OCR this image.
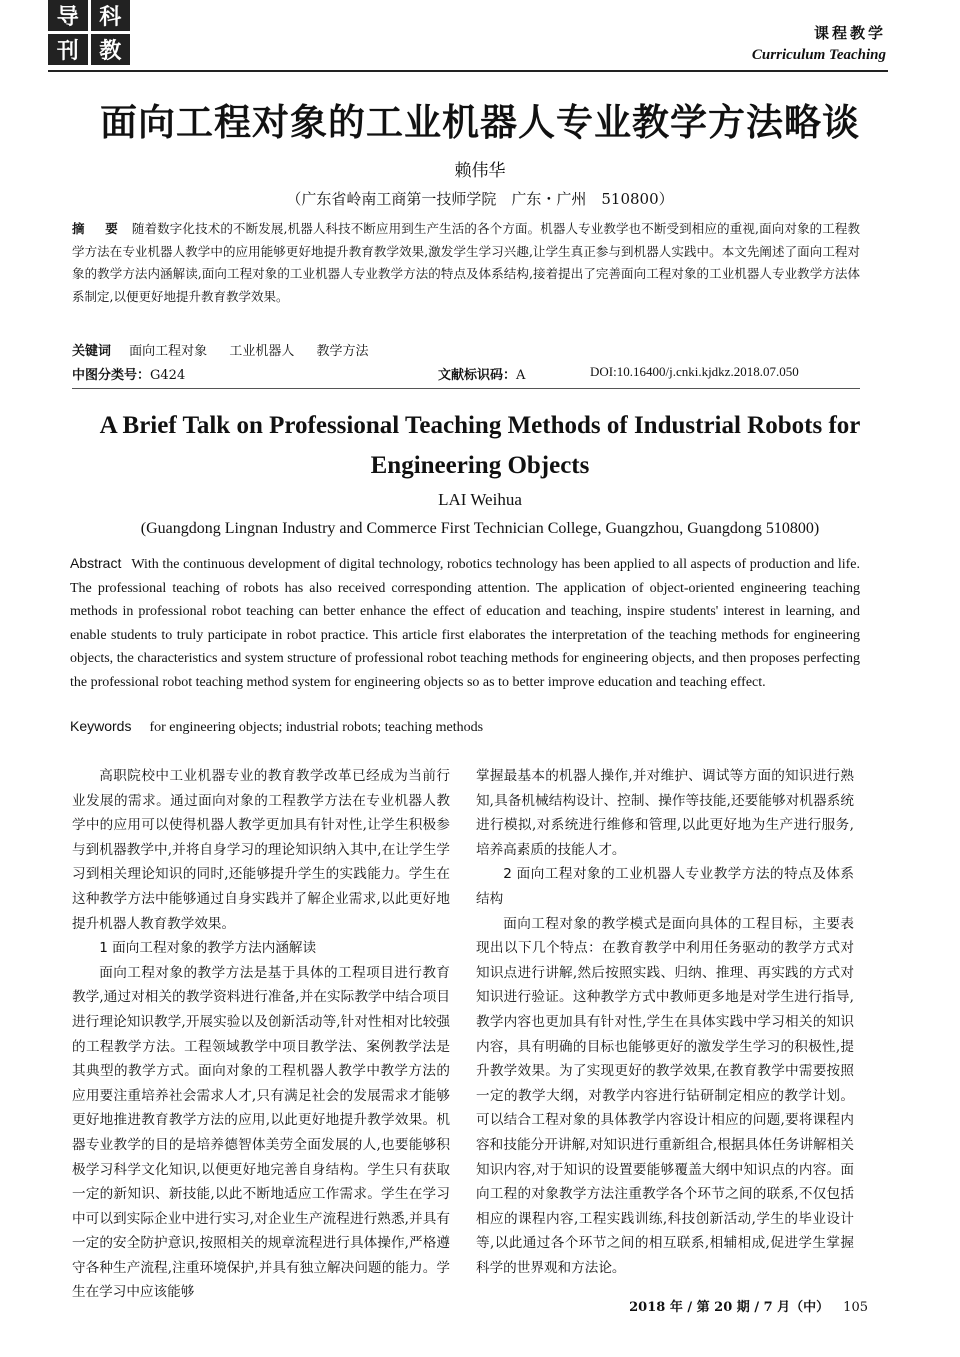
导 科
刊 教
课程教学
Curriculum Teaching
面向工程对象的工业机器人专业教学方法略谈
赖伟华
（广东省岭南工商第一技师学院　广东・广州　510800）
摘　要 随着数字化技术的不断发展,机器人科技不断应用到生产生活的各个方面。机器人专业教学也不断受到相应的重视,面向对象的工程教学方法在专业机器人教学中的应用能够更好地提升教育教学效果,激发学生学习兴趣,让学生真正参与到机器人实践中。本文先阐述了面向工程对象的教学方法内涵解读,面向工程对象的工业机器人专业教学方法的特点及体系结构,接着提出了完善面向工程对象的工业机器人专业教学方法体系制定,以便更好地提升教育教学效果。
关键词 面向工程对象 工业机器人 教学方法
中图分类号：G424	文献标识码：A	DOI:10.16400/j.cnki.kjdkz.2018.07.050
A Brief Talk on Professional Teaching Methods of Industrial Robots for Engineering Objects
LAI Weihua
(Guangdong Lingnan Industry and Commerce First Technician College, Guangzhou, Guangdong 510800)
Abstract With the continuous development of digital technology, robotics technology has been applied to all aspects of production and life. The professional teaching of robots has also received corresponding attention. The application of object-oriented engineering teaching methods in professional robot teaching can better enhance the effect of education and teaching, inspire students' interest in learning, and enable students to truly participate in robot practice. This article first elaborates the interpretation of the teaching methods for engineering objects, the characteristics and system structure of professional robot teaching methods for engineering objects, and then proposes perfecting the professional robot teaching method system for engineering objects so as to better improve education and teaching effect.
Keywords for engineering objects; industrial robots; teaching methods

高职院校中工业机器专业的教育教学改革已经成为当前行业发展的需求。通过面向对象的工程教学方法在专业机器人教学中的应用可以使得机器人教学更加具有针对性,让学生积极参与到机器教学中,并将自身学习的理论知识纳入其中,在让学生学习到相关理论知识的同时,还能够提升学生的实践能力。学生在这种教学方法中能够通过自身实践并了解企业需求,以此更好地提升机器人教育教学效果。

1 面向工程对象的教学方法内涵解读

面向工程对象的教学方法是基于具体的工程项目进行教育教学,通过对相关的教学资料进行准备,并在实际教学中结合项目进行理论知识教学,开展实验以及创新活动等,针对性相对比较强的工程教学方法。工程领域教学中项目教学法、案例教学法是其典型的教学方式。面向对象的工程机器人教学中教学方法的应用要注重培养社会需求人才,只有满足社会的发展需求才能够更好地推进教育教学方法的应用,以此更好地提升教学效果。机器专业教学的目的是培养德智体美劳全面发展的人,也要能够积极学习科学文化知识,以便更好地完善自身结构。学生只有获取一定的新知识、新技能,以此不断地适应工作需求。学生在学习中可以到实际企业中进行实习,对企业生产流程进行熟悉,并具有一定的安全防护意识,按照相关的规章流程进行具体操作,严格遵守各种生产流程,注重环境保护,并具有独立解决问题的能力。学生在学习中应该能够

掌握最基本的机器人操作,并对维护、调试等方面的知识进行熟知,具备机械结构设计、控制、操作等技能,还要能够对机器系统进行模拟,对系统进行维修和管理,以此更好地为生产进行服务,培养高素质的技能人才。

2 面向工程对象的工业机器人专业教学方法的特点及体系结构

面向工程对象的教学模式是面向具体的工程目标，主要表现出以下几个特点：在教育教学中利用任务驱动的教学方式对知识点进行讲解,然后按照实践、归纳、推理、再实践的方式对知识进行验证。这种教学方式中教师更多地是对学生进行指导,教学内容也更加具有针对性,学生在具体实践中学习相关的知识内容，具有明确的目标也能够更好的激发学生学习的积极性,提升教学效果。为了实现更好的教学效果,在教育教学中需要按照一定的教学大纲，对教学内容进行钻研制定相应的教学计划。可以结合工程对象的具体教学内容设计相应的问题,要将课程内容和技能分开讲解,对知识进行重新组合,根据具体任务讲解相关知识内容,对于知识的设置要能够覆盖大纲中知识点的内容。面向工程的对象教学方法注重教学各个环节之间的联系,不仅包括相应的课程内容,工程实践训练,科技创新活动,学生的毕业设计等,以此通过各个环节之间的相互联系,相辅相成,促进学生掌握科学的世界观和方法论。

2018 年 / 第 20 期 / 7 月（中） 105
